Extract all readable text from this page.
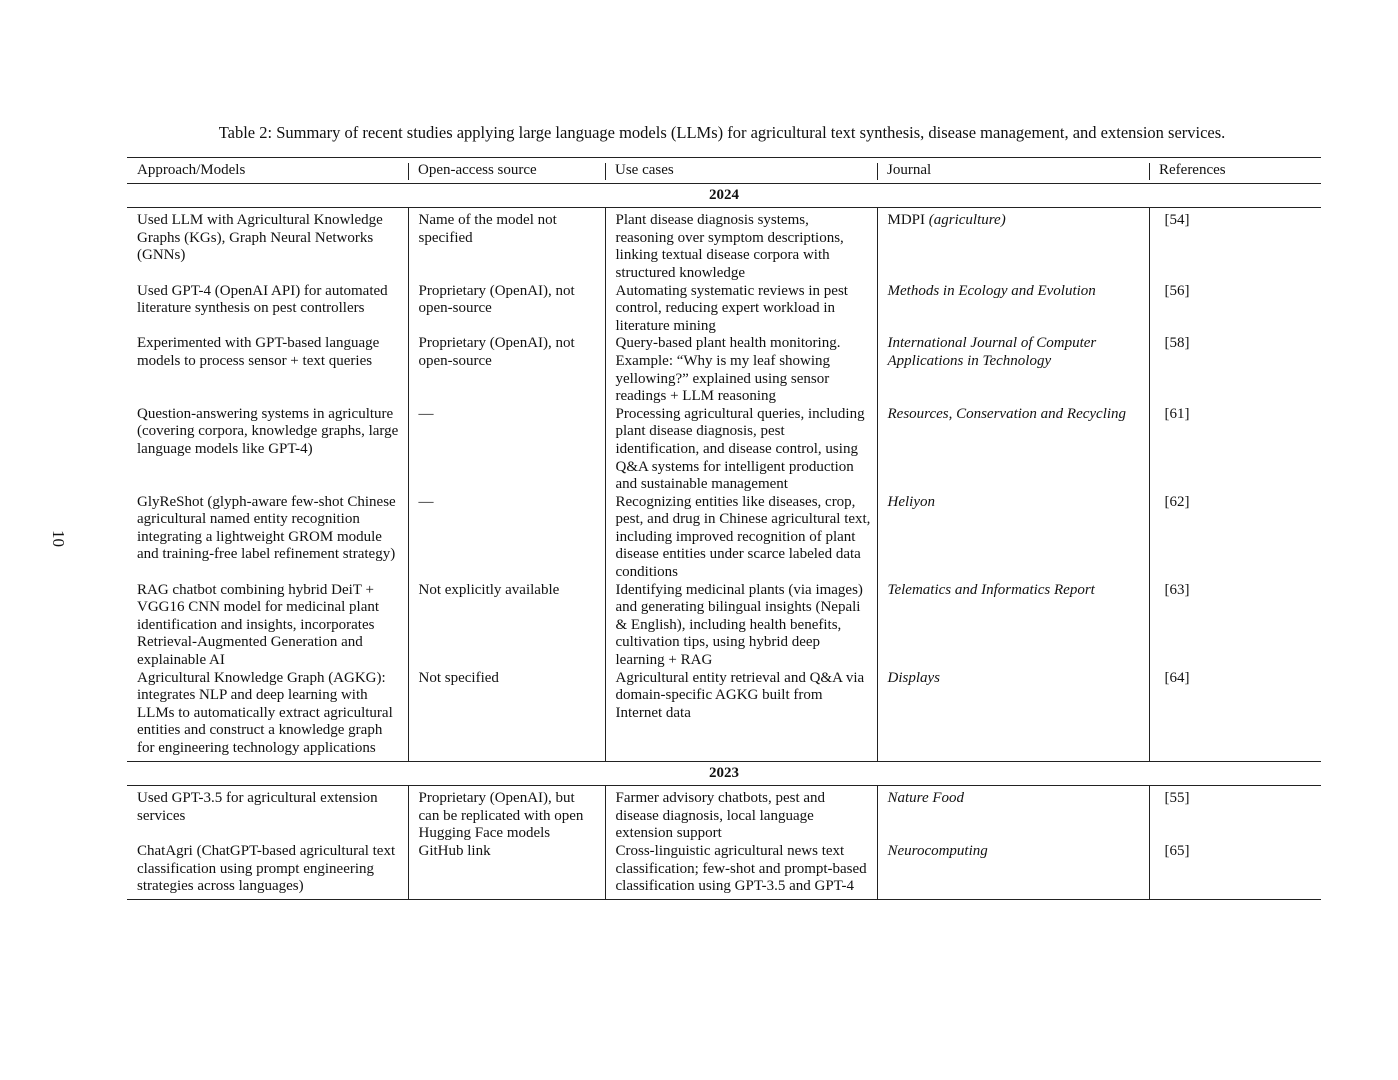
10
Table 2: Summary of recent studies applying large language models (LLMs) for agricultural text synthesis, disease management, and extension services.
Approach/Models	Open-access source	Use cases	Journal	References
2024				
Used LLM with Agricultural Knowledge Graphs (KGs), Graph Neural Networks (GNNs)	Name of the model not specified	Plant disease diagnosis systems, reasoning over symptom descriptions, linking textual disease corpora with structured knowledge	MDPI (agriculture)	[54]
Used GPT-4 (OpenAI API) for automated literature synthesis on pest controllers	Proprietary (OpenAI), not open-source	Automating systematic reviews in pest control, reducing expert workload in literature mining	Methods in Ecology and Evolution	[56]
Experimented with GPT-based language models to process sensor + text queries	Proprietary (OpenAI), not open-source	Query-based plant health monitoring. Example: “Why is my leaf showing yellowing?” explained using sensor readings + LLM reasoning	International Journal of Computer Applications in Technology	[58]
Question-answering systems in agriculture (covering corpora, knowledge graphs, large language models like GPT-4)	—	Processing agricultural queries, including plant disease diagnosis, pest identification, and disease control, using Q&A systems for intelligent production and sustainable management	Resources, Conservation and Recycling	[61]
GlyReShot (glyph-aware few-shot Chinese agricultural named entity recognition integrating a lightweight GROM module and training-free label refinement strategy)	—	Recognizing entities like diseases, crop, pest, and drug in Chinese agricultural text, including improved recognition of plant disease entities under scarce labeled data conditions	Heliyon	[62]
RAG chatbot combining hybrid DeiT + VGG16 CNN model for medicinal plant identification and insights, incorporates Retrieval-Augmented Generation and explainable AI	Not explicitly available	Identifying medicinal plants (via images) and generating bilingual insights (Nepali & English), including health benefits, cultivation tips, using hybrid deep learning + RAG	Telematics and Informatics Report	[63]
Agricultural Knowledge Graph (AGKG): integrates NLP and deep learning with LLMs to automatically extract agricultural entities and construct a knowledge graph for engineering technology applications	Not specified	Agricultural entity retrieval and Q&A via domain-specific AGKG built from Internet data	Displays	[64]
2023				
Used GPT-3.5 for agricultural extension services	Proprietary (OpenAI), but can be replicated with open Hugging Face models	Farmer advisory chatbots, pest and disease diagnosis, local language extension support	Nature Food	[55]
ChatAgri (ChatGPT-based agricultural text classification using prompt engineering strategies across languages)	GitHub link	Cross-linguistic agricultural news text classification; few-shot and prompt-based classification using GPT-3.5 and GPT-4	Neurocomputing	[65]
